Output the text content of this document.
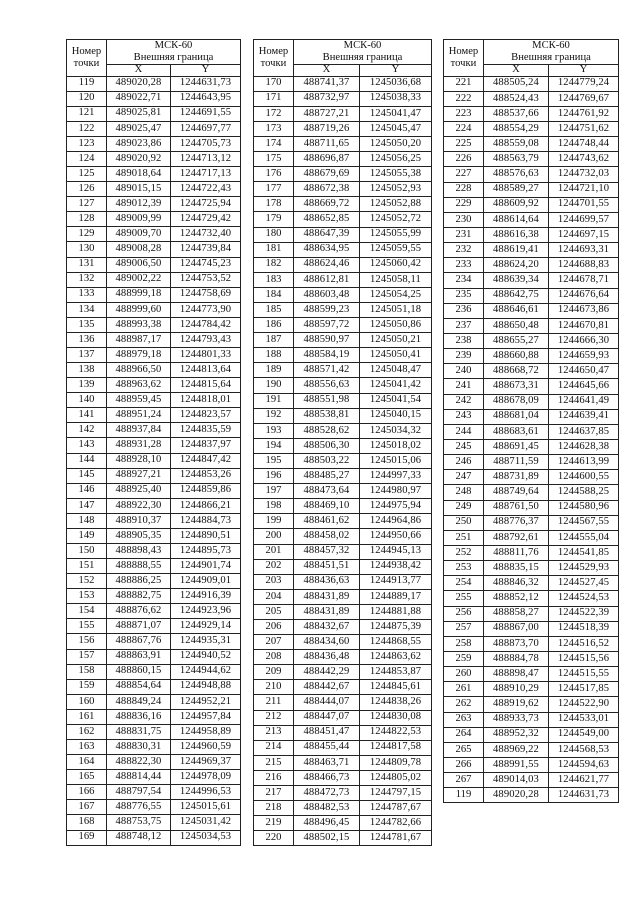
Номер
точки	МСК-60
Внешняя граница	
	X	Y

119	489020,28	1244631,73
120	489022,71	1244643,95
121	489025,81	1244691,55
122	489025,47	1244697,77
123	489023,86	1244705,73
124	489020,92	1244713,12
125	489018,64	1244717,13
126	489015,15	1244722,43
127	489012,39	1244725,94
128	489009,99	1244729,42
129	489009,70	1244732,40
130	489008,28	1244739,84
131	489006,50	1244745,23
132	489002,22	1244753,52
133	488999,18	1244758,69
134	488999,60	1244773,90
135	488993,38	1244784,42
136	488987,17	1244793,43
137	488979,18	1244801,33
138	488966,50	1244813,64
139	488963,62	1244815,64
140	488959,45	1244818,01
141	488951,24	1244823,57
142	488937,84	1244835,59
143	488931,28	1244837,97
144	488928,10	1244847,42
145	488927,21	1244853,26
146	488925,40	1244859,86
147	488922,30	1244866,21
148	488910,37	1244884,73
149	488905,35	1244890,51
150	488898,43	1244895,73
151	488888,55	1244901,74
152	488886,25	1244909,01
153	488882,75	1244916,39
154	488876,62	1244923,96
155	488871,07	1244929,14
156	488867,76	1244935,31
157	488863,91	1244940,52
158	488860,15	1244944,62
159	488854,64	1244948,88
160	488849,24	1244952,21
161	488836,16	1244957,84
162	488831,75	1244958,89
163	488830,31	1244960,59
164	488822,30	1244969,37
165	488814,44	1244978,09
166	488797,54	1244996,53
167	488776,55	1245015,61
168	488753,75	1245031,42
169	488748,12	1245034,53
Номер
точки	МСК-60
Внешняя граница	
	X	Y

170	488741,37	1245036,68
171	488732,97	1245038,33
172	488727,21	1245041,47
173	488719,26	1245045,47
174	488711,65	1245050,20
175	488696,87	1245056,25
176	488679,69	1245055,38
177	488672,38	1245052,93
178	488669,72	1245052,88
179	488652,85	1245052,72
180	488647,39	1245055,99
181	488634,95	1245059,55
182	488624,46	1245060,42
183	488612,81	1245058,11
184	488603,48	1245054,25
185	488599,23	1245051,18
186	488597,72	1245050,86
187	488590,97	1245050,21
188	488584,19	1245050,41
189	488571,42	1245048,47
190	488556,63	1245041,42
191	488551,98	1245041,54
192	488538,81	1245040,15
193	488528,62	1245034,32
194	488506,30	1245018,02
195	488503,22	1245015,06
196	488485,27	1244997,33
197	488473,64	1244980,97
198	488469,10	1244975,94
199	488461,62	1244964,86
200	488458,02	1244950,66
201	488457,32	1244945,13
202	488451,51	1244938,42
203	488436,63	1244913,77
204	488431,89	1244889,17
205	488431,89	1244881,88
206	488432,67	1244875,39
207	488434,60	1244868,55
208	488436,48	1244863,62
209	488442,29	1244853,87
210	488442,67	1244845,61
211	488444,07	1244838,26
212	488447,07	1244830,08
213	488451,47	1244822,53
214	488455,44	1244817,58
215	488463,71	1244809,78
216	488466,73	1244805,02
217	488472,73	1244797,15
218	488482,53	1244787,67
219	488496,45	1244782,66
220	488502,15	1244781,67
Номер
точки	МСК-60
Внешняя граница	
	X	Y

221	488505,24	1244779,24
222	488524,43	1244769,67
223	488537,66	1244761,92
224	488554,29	1244751,62
225	488559,08	1244748,44
226	488563,79	1244743,62
227	488576,63	1244732,03
228	488589,27	1244721,10
229	488609,92	1244701,55
230	488614,64	1244699,57
231	488616,38	1244697,15
232	488619,41	1244693,31
233	488624,20	1244688,83
234	488639,34	1244678,71
235	488642,75	1244676,64
236	488646,61	1244673,86
237	488650,48	1244670,81
238	488655,27	1244666,30
239	488660,88	1244659,93
240	488668,72	1244650,47
241	488673,31	1244645,66
242	488678,09	1244641,49
243	488681,04	1244639,41
244	488683,61	1244637,85
245	488691,45	1244628,38
246	488711,59	1244613,99
247	488731,89	1244600,55
248	488749,64	1244588,25
249	488761,50	1244580,96
250	488776,37	1244567,55
251	488792,61	1244555,04
252	488811,76	1244541,85
253	488835,15	1244529,93
254	488846,32	1244527,45
255	488852,12	1244524,53
256	488858,27	1244522,39
257	488867,00	1244518,39
258	488873,70	1244516,52
259	488884,78	1244515,56
260	488898,47	1244515,55
261	488910,29	1244517,85
262	488919,62	1244522,90
263	488933,73	1244533,01
264	488952,32	1244549,00
265	488969,22	1244568,53
266	488991,55	1244594,63
267	489014,03	1244621,77
119	489020,28	1244631,73
